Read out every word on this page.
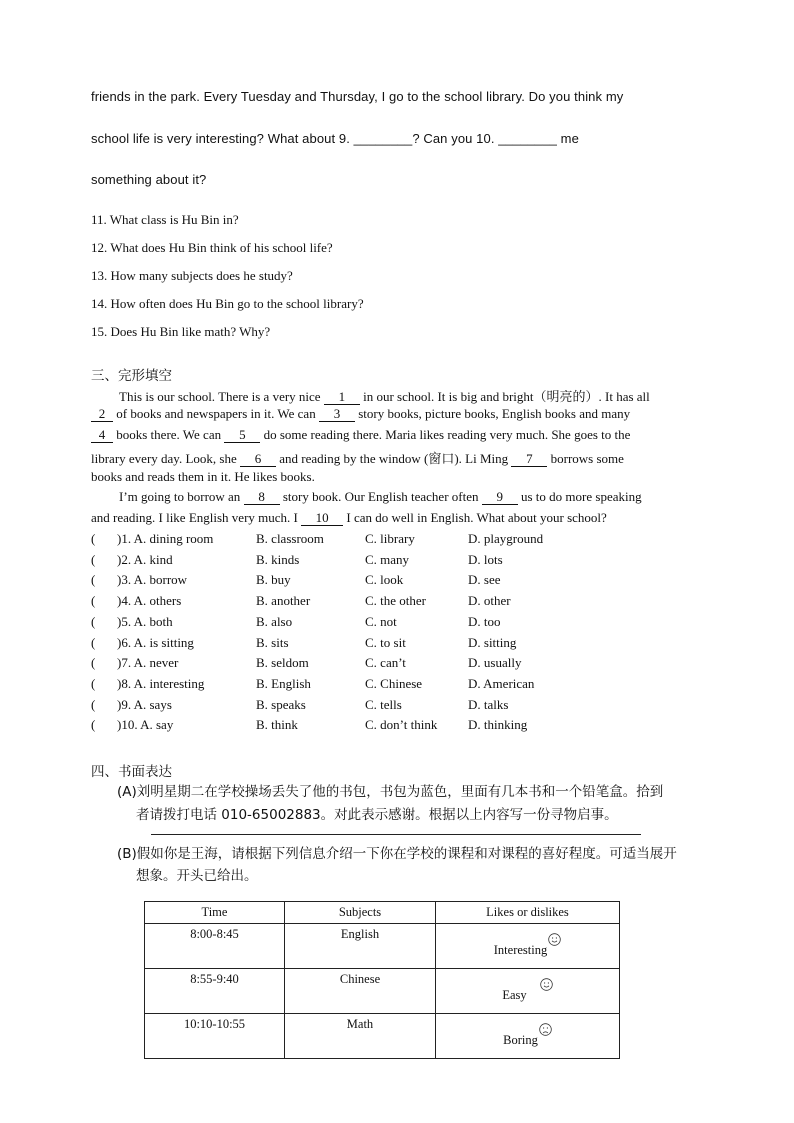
friends in the park. Every Tuesday and Thursday, I go to the school library. Do you think my
school life is very interesting? What about 9. ________? Can you 10. ________ me
something about it?
11. What class is Hu Bin in?
12. What does Hu Bin think of his school life?
13. How many subjects does he study?
14. How often does Hu Bin go to the school library?
15. Does Hu Bin like math? Why?
三、完形填空
This is our school. There is a very nice 1 in our school. It is big and bright（明亮的）. It has all
2 of books and newspapers in it. We can 3 story books, picture books, English books and many
4 books there. We can 5 do some reading there. Maria likes reading very much. She goes to the
library every day. Look, she 6 and reading by the window (窗口). Li Ming 7 borrows some
books and reads them in it. He likes books.
I’m going to borrow an 8 story book. Our English teacher often 9 us to do more speaking
and reading. I like English very much. I 10 I can do well in English. What about your school?
( )1. A. dining room	B. classroom	C. library	D. playground
( )2. A. kind	B. kinds	C. many	D. lots
( )3. A. borrow	B. buy	C. look	D. see
( )4. A. others	B. another	C. the other	D. other
( )5. A. both	B. also	C. not	D. too
( )6. A. is sitting	B. sits	C. to sit	D. sitting
( )7. A. never	B. seldom	C. can’t	D. usually
( )8. A. interesting	B. English	C. Chinese	D. American
( )9. A. says	B. speaks	C. tells	D. talks
( )10. A. say	B. think	C. don’t think D. thinking
四、书面表达
(A)刘明星期二在学校操场丢失了他的书包，书包为蓝色，里面有几本书和一个铅笔盒。拾到
者请拨打电话 010-65002883。对此表示感谢。根据以上内容写一份寻物启事。
(B)假如你是王海，请根据下列信息介绍一下你在学校的课程和对课程的喜好程度。可适当展开
想象。开头已给出。
Time	Subjects	Likes or dislikes
8:00-8:45	English	Interesting
8:55-9:40	Chinese	Easy
10:10-10:55	Math	Boring
